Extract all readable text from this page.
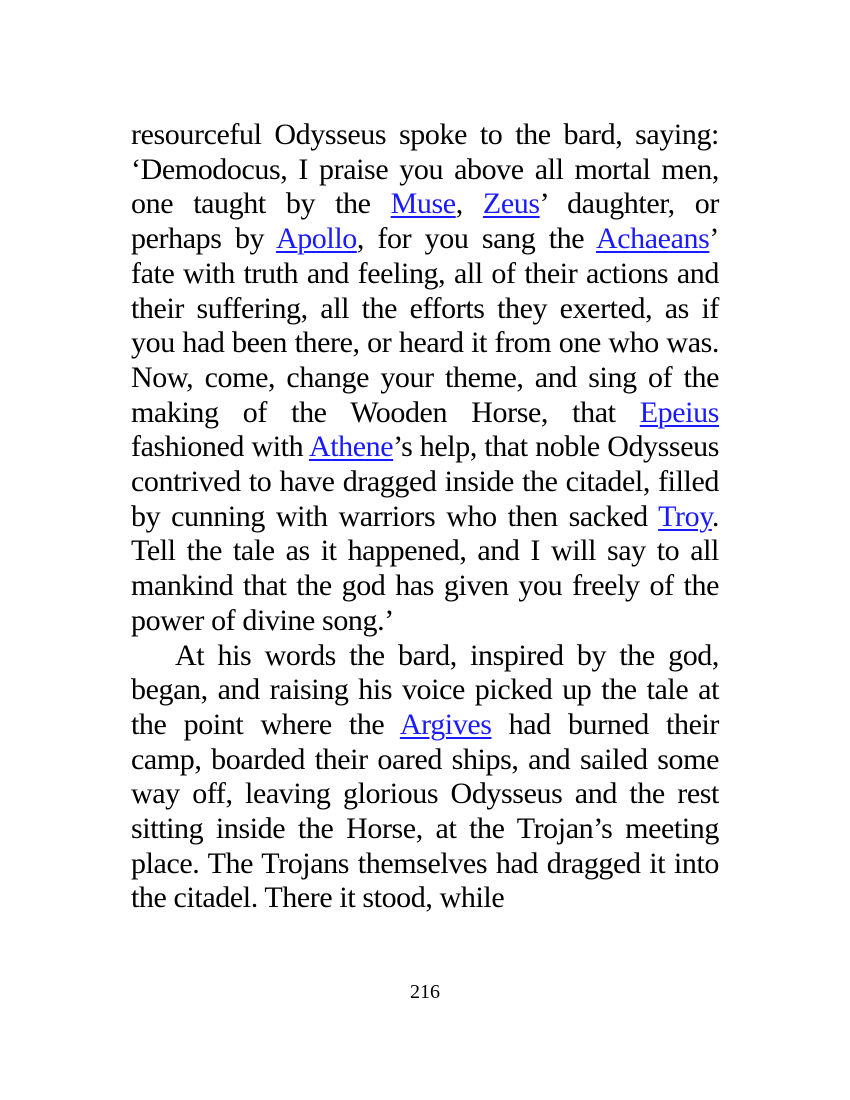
resourceful Odysseus spoke to the bard, saying: ‘Demodocus, I praise you above all mortal men, one taught by the Muse, Zeus’ daughter, or perhaps by Apollo, for you sang the Achaeans’ fate with truth and feeling, all of their actions and their suffering, all the efforts they exerted, as if you had been there, or heard it from one who was. Now, come, change your theme, and sing of the making of the Wooden Horse, that Epeius fashioned with Athene’s help, that noble Odysseus contrived to have dragged inside the citadel, filled by cunning with warriors who then sacked Troy. Tell the tale as it happened, and I will say to all mankind that the god has given you freely of the power of divine song.’

At his words the bard, inspired by the god, began, and raising his voice picked up the tale at the point where the Argives had burned their camp, boarded their oared ships, and sailed some way off, leaving glorious Odysseus and the rest sitting inside the Horse, at the Trojan’s meeting place. The Trojans themselves had dragged it into the citadel. There it stood, while

216
